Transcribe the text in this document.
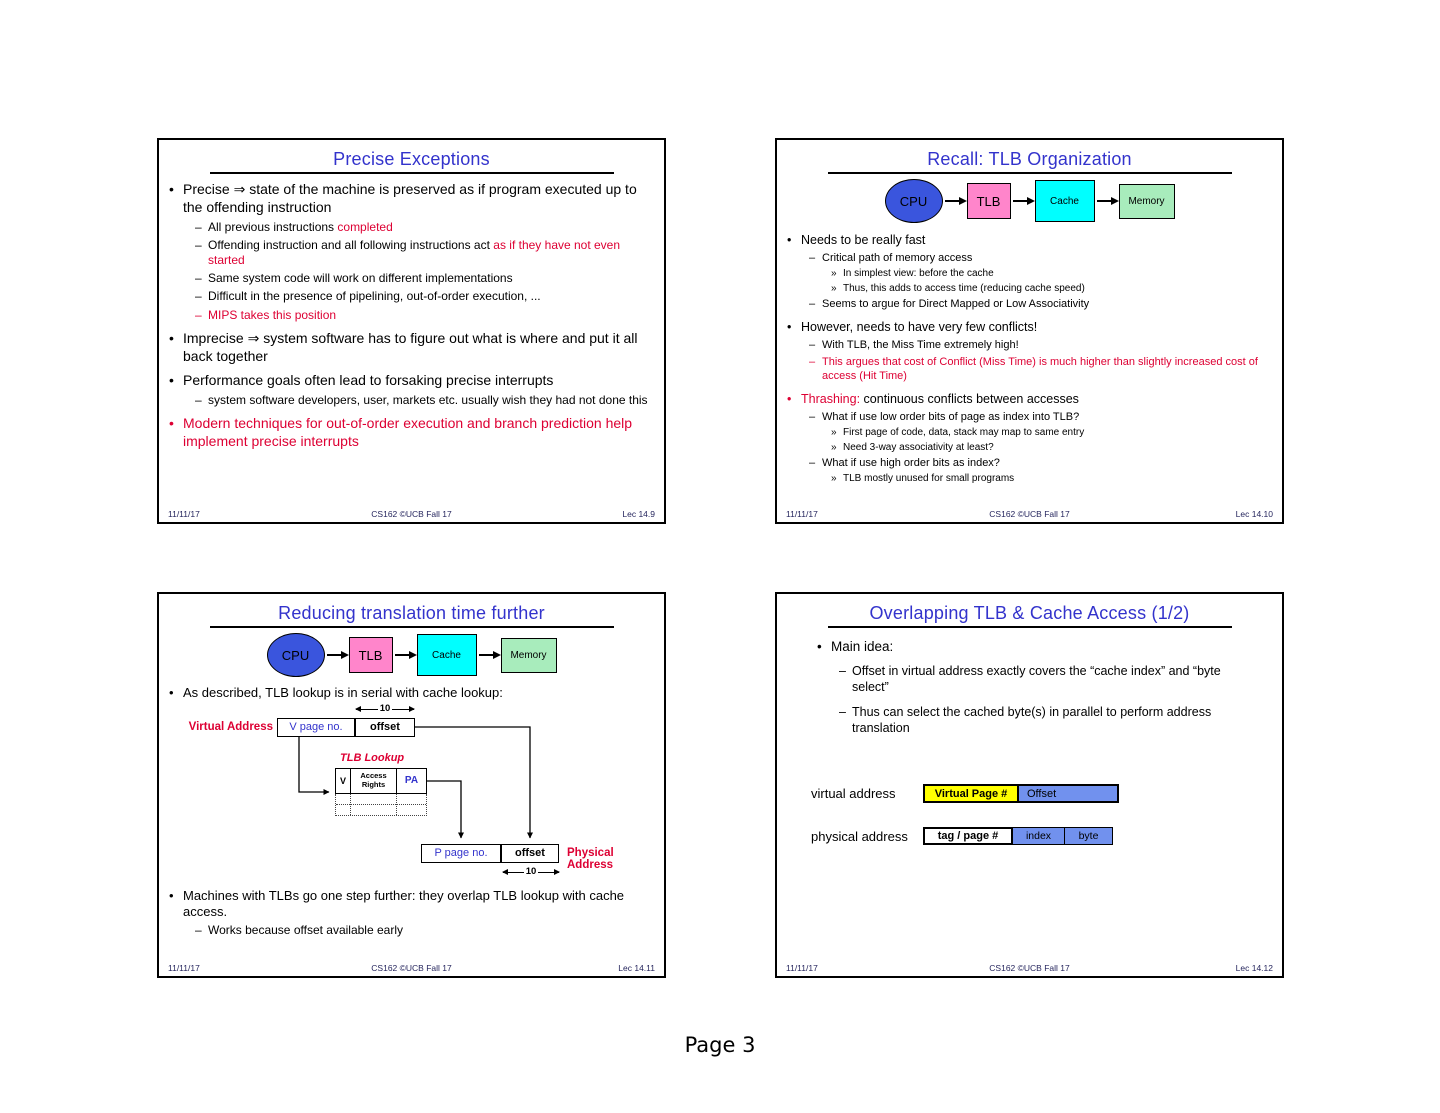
Precise Exceptions
• Precise ⇒ state of the machine is preserved as if program executed up to the offending instruction
– All previous instructions completed
– Offending instruction and all following instructions act as if they have not even started
– Same system code will work on different implementations
– Difficult in the presence of pipelining, out-of-order execution, ...
– MIPS takes this position
• Imprecise ⇒ system software has to figure out what is where and put it all back together
• Performance goals often lead to forsaking precise interrupts
– system software developers, user, markets etc. usually wish they had not done this
• Modern techniques for out-of-order execution and branch prediction help implement precise interrupts
11/11/17	CS162 ©UCB Fall 17	Lec 14.9
Recall: TLB Organization
CPU	TLB	Cache	Memory
• Needs to be really fast
– Critical path of memory access
» In simplest view: before the cache
» Thus, this adds to access time (reducing cache speed)
– Seems to argue for Direct Mapped or Low Associativity
• However, needs to have very few conflicts!
– With TLB, the Miss Time extremely high!
– This argues that cost of Conflict (Miss Time) is much higher than slightly increased cost of access (Hit Time)
• Thrashing: continuous conflicts between accesses
– What if use low order bits of page as index into TLB?
» First page of code, data, stack may map to same entry
» Need 3-way associativity at least?
– What if use high order bits as index?
» TLB mostly unused for small programs
11/11/17	CS162 ©UCB Fall 17	Lec 14.10
Reducing translation time further
CPU	TLB	Cache	Memory
• As described, TLB lookup is in serial with cache lookup:
10
Virtual Address	V page no.	offset
TLB Lookup
V	Access Rights	PA
P page no.	offset	Physical Address
10
• Machines with TLBs go one step further: they overlap TLB lookup with cache access.
– Works because offset available early
11/11/17	CS162 ©UCB Fall 17	Lec 14.11
Overlapping TLB & Cache Access (1/2)
• Main idea:
– Offset in virtual address exactly covers the “cache index” and “byte select”
– Thus can select the cached byte(s) in parallel to perform address translation
virtual address	Virtual Page #	Offset
physical address	tag / page #	index	byte
11/11/17	CS162 ©UCB Fall 17	Lec 14.12
Page 3
